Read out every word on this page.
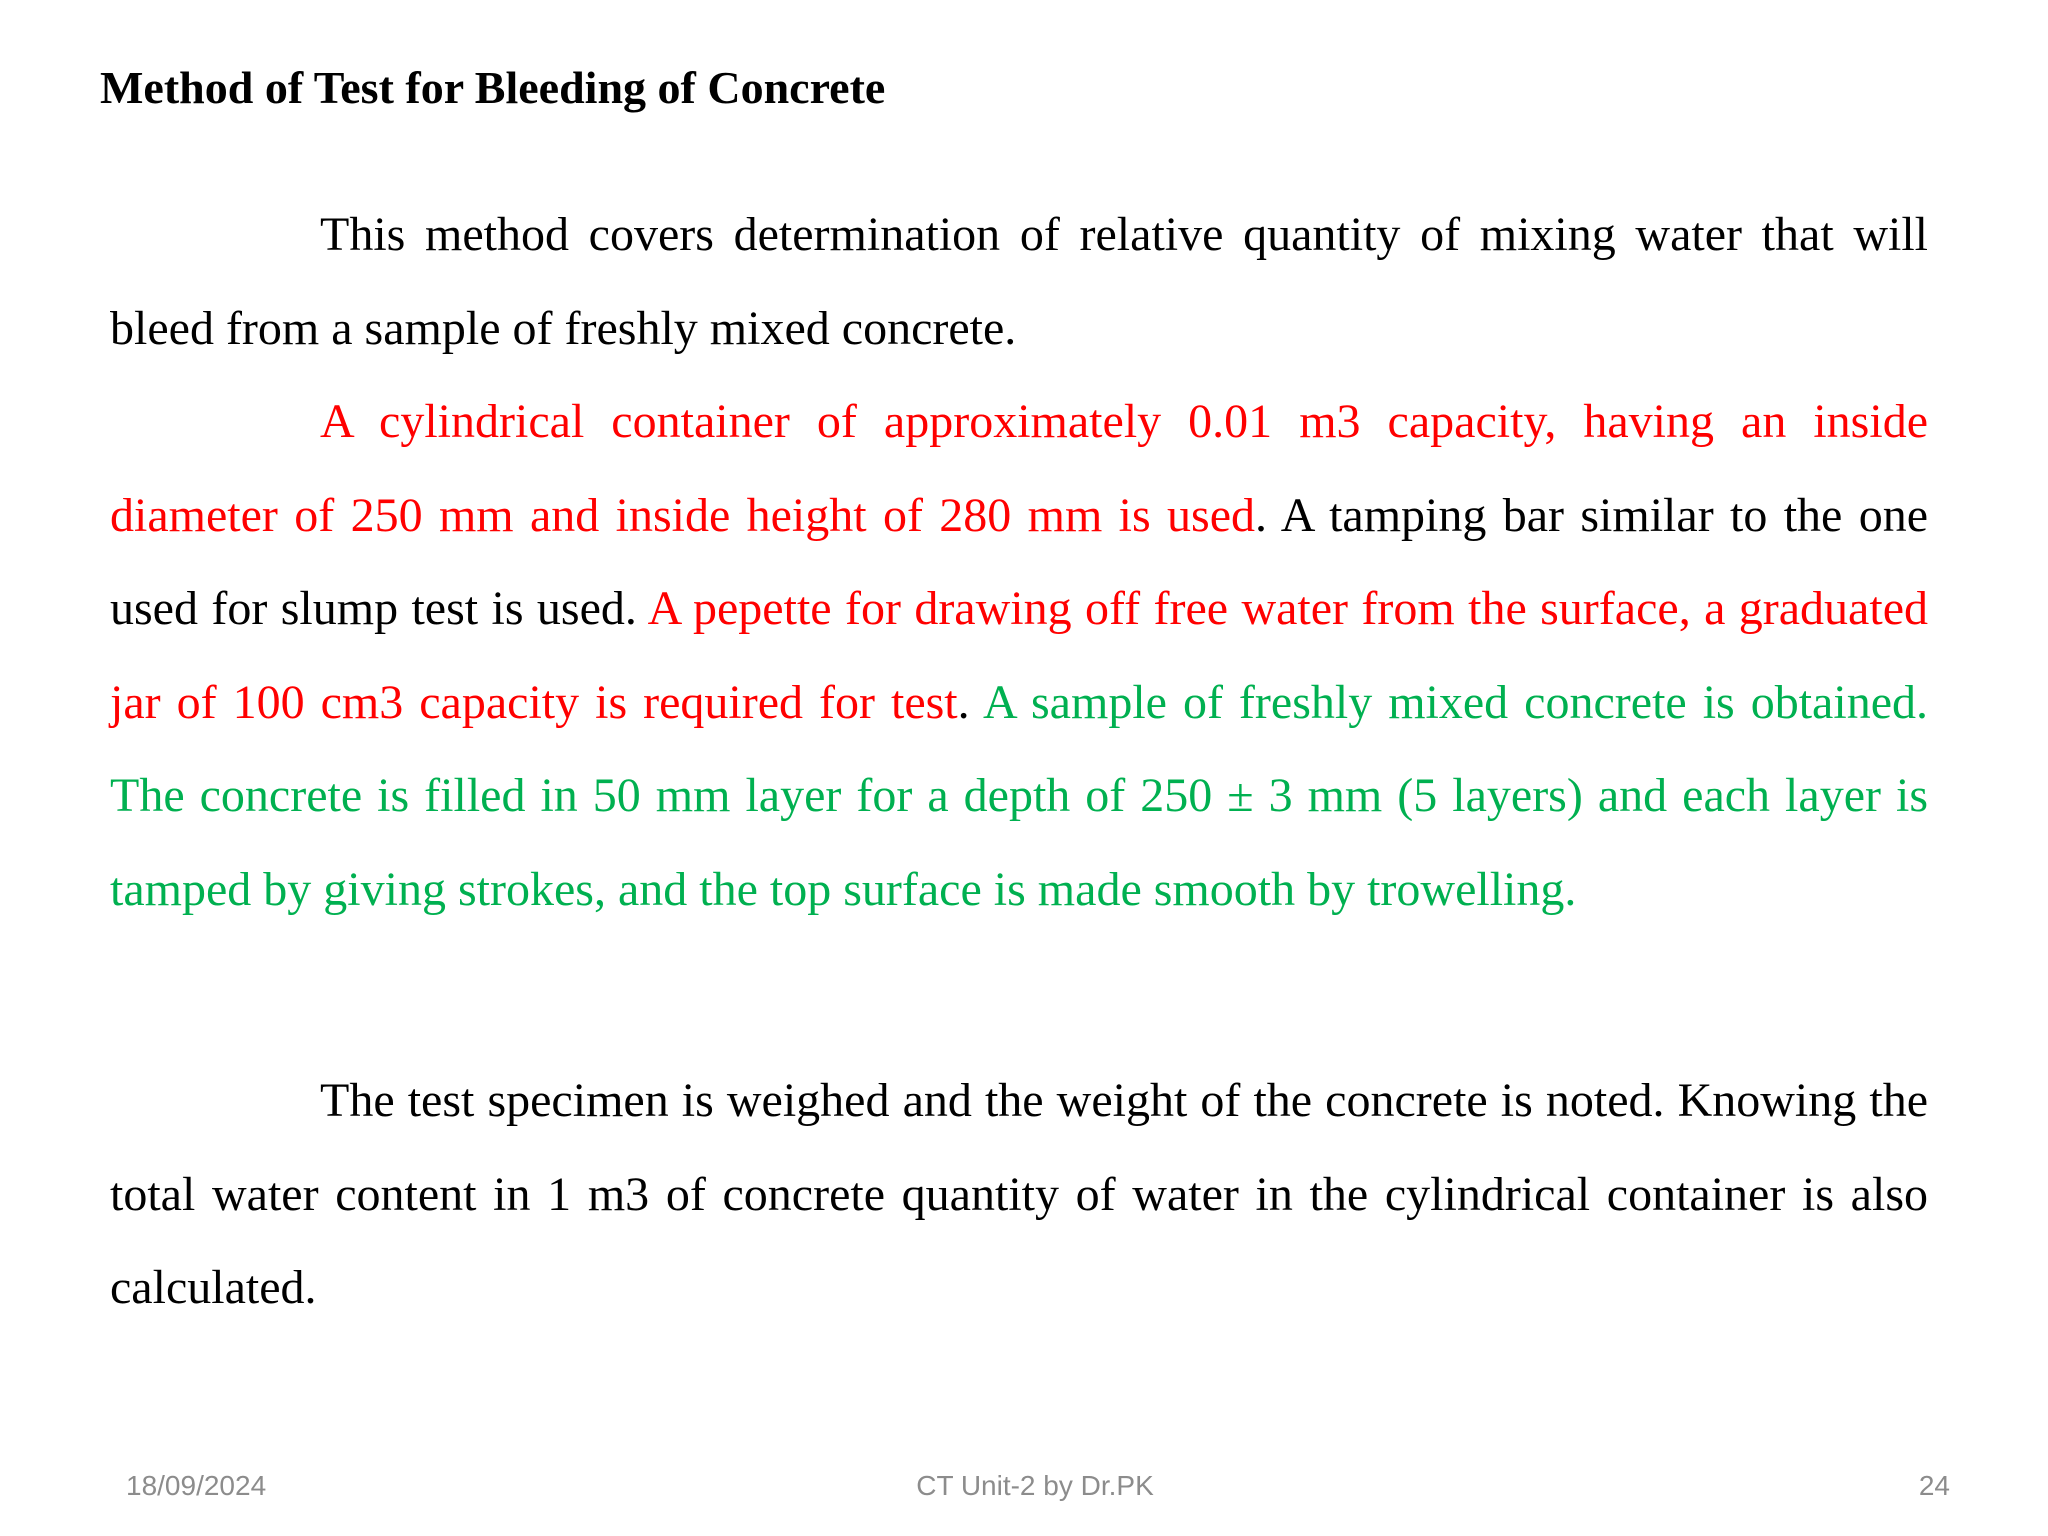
Method of Test for Bleeding of Concrete

This method covers determination of relative quantity of mixing water that will bleed from a sample of freshly mixed concrete.

A cylindrical container of approximately 0.01 m3 capacity, having an inside diameter of 250 mm and inside height of 280 mm is used. A tamping bar similar to the one used for slump test is used. A pepette for drawing off free water from the surface, a graduated jar of 100 cm3 capacity is required for test. A sample of freshly mixed concrete is obtained. The concrete is filled in 50 mm layer for a depth of 250 ± 3 mm (5 layers) and each layer is tamped by giving strokes, and the top surface is made smooth by trowelling.

The test specimen is weighed and the weight of the concrete is noted. Knowing the total water content in 1 m3 of concrete quantity of water in the cylindrical container is also calculated.

18/09/2024	CT Unit-2 by Dr.PK	24
